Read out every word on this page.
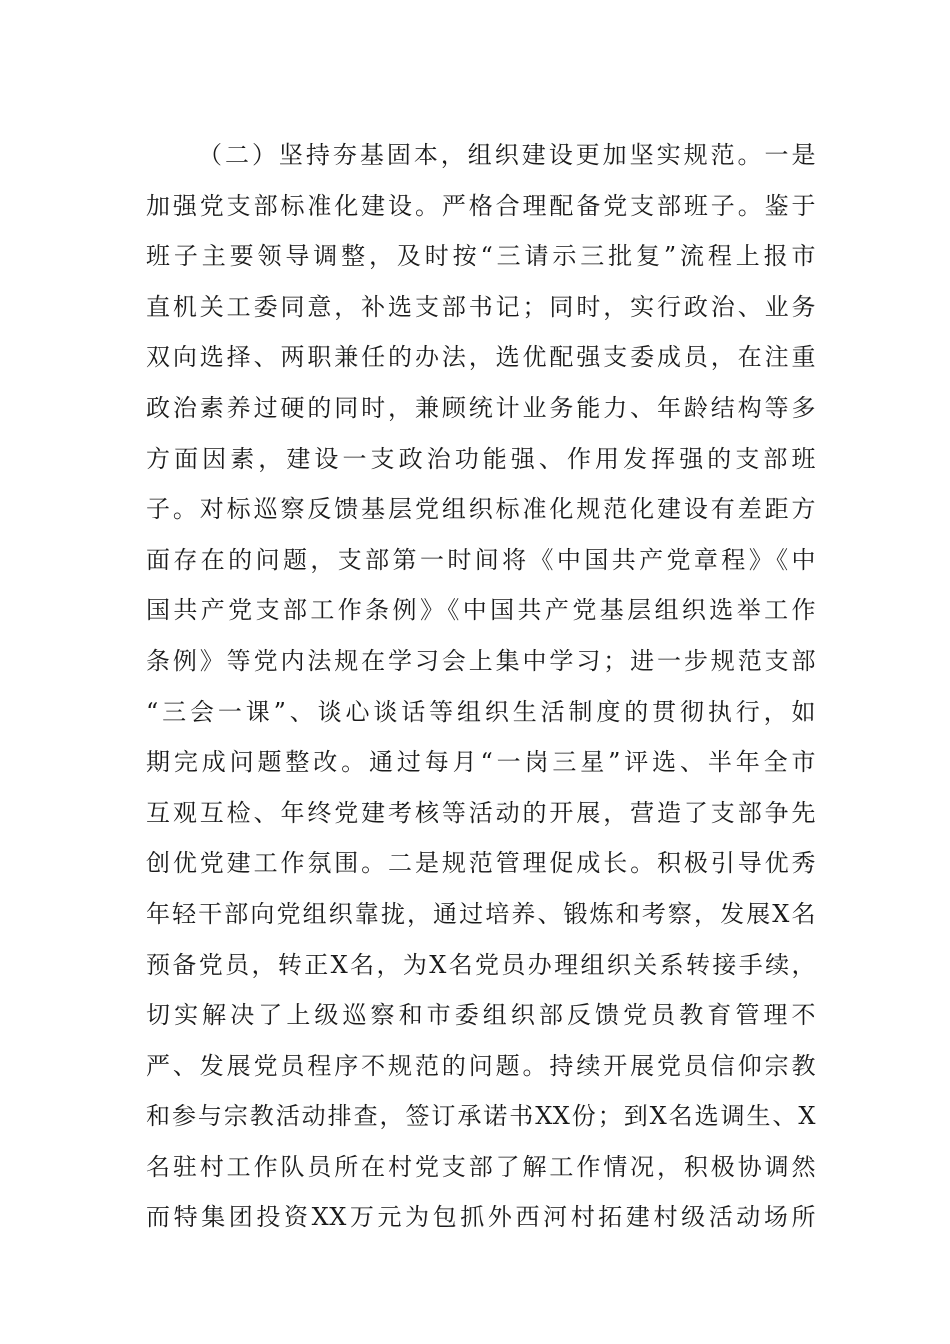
（二）坚持夯基固本，组织建设更加坚实规范。一是
加强党支部标准化建设。严格合理配备党支部班子。鉴于
班子主要领导调整，及时按“三请示三批复”流程上报市
直机关工委同意，补选支部书记；同时，实行政治、业务
双向选择、两职兼任的办法，选优配强支委成员，在注重
政治素养过硬的同时，兼顾统计业务能力、年龄结构等多
方面因素，建设一支政治功能强、作用发挥强的支部班
子。对标巡察反馈基层党组织标准化规范化建设有差距方
面存在的问题，支部第一时间将《中国共产党章程》《中
国共产党支部工作条例》《中国共产党基层组织选举工作
条例》等党内法规在学习会上集中学习；进一步规范支部
“三会一课”、谈心谈话等组织生活制度的贯彻执行，如
期完成问题整改。通过每月“一岗三星”评选、半年全市
互观互检、年终党建考核等活动的开展，营造了支部争先
创优党建工作氛围。二是规范管理促成长。积极引导优秀
年轻干部向党组织靠拢，通过培养、锻炼和考察，发展X名
预备党员，转正X名，为X名党员办理组织关系转接手续，
切实解决了上级巡察和市委组织部反馈党员教育管理不
严、发展党员程序不规范的问题。持续开展党员信仰宗教
和参与宗教活动排查，签订承诺书XX份；到X名选调生、X
名驻村工作队员所在村党支部了解工作情况，积极协调然
而特集团投资XX万元为包抓外西河村拓建村级活动场所
